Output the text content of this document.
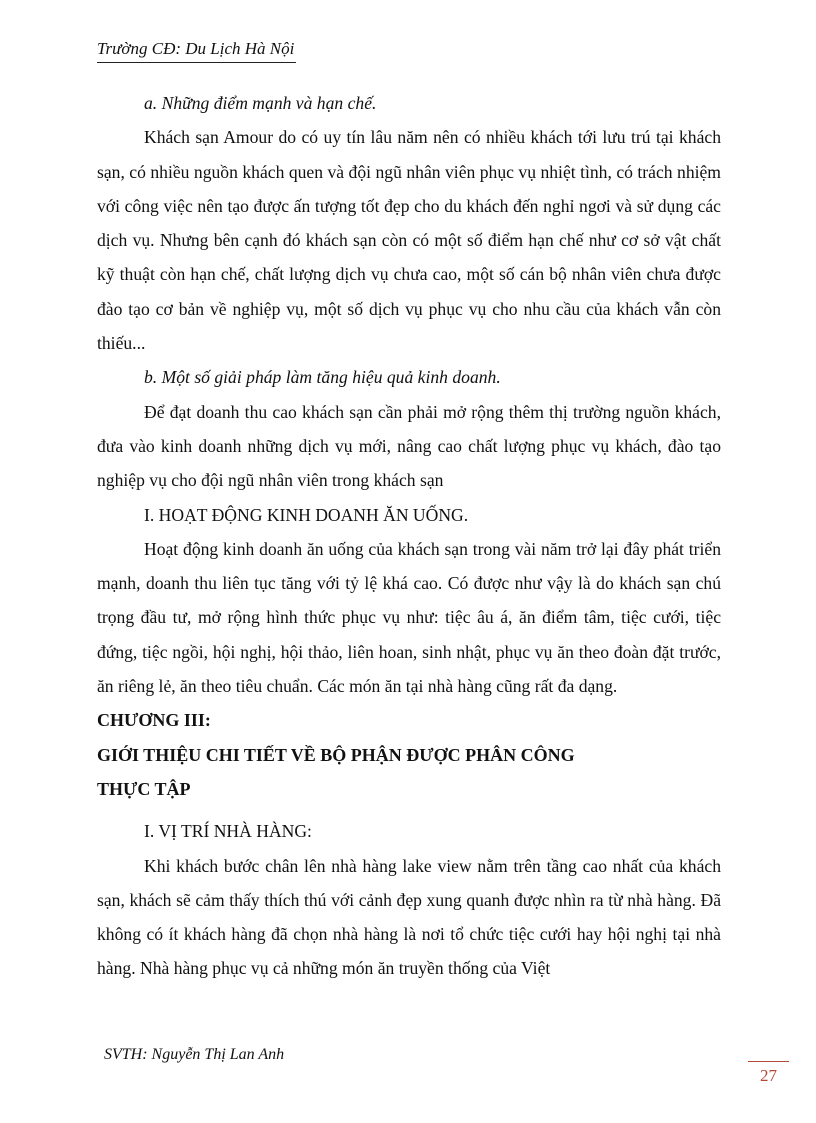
Trường CĐ: Du Lịch Hà Nội

a. Những điểm mạnh và hạn chế.

Khách sạn Amour do có uy tín lâu năm nên có nhiều khách tới lưu trú tại khách sạn, có nhiều nguồn khách quen và đội ngũ nhân viên phục vụ nhiệt tình, có trách nhiệm với công việc nên tạo được ấn tượng tốt đẹp cho du khách đến nghỉ ngơi và sử dụng các dịch vụ. Nhưng bên cạnh đó khách sạn còn có một số điểm hạn chế như cơ sở vật chất kỹ thuật còn hạn chế, chất lượng dịch vụ chưa cao, một số cán bộ nhân viên chưa được đào tạo cơ bản về nghiệp vụ, một số dịch vụ phục vụ cho nhu cầu của khách vẫn còn thiếu...

b. Một số giải pháp làm tăng hiệu quả kinh doanh.

Để đạt doanh thu cao khách sạn cần phải mở rộng thêm thị trường nguồn khách, đưa vào kinh doanh những dịch vụ mới, nâng cao chất lượng phục vụ khách, đào tạo nghiệp vụ cho đội ngũ nhân viên trong khách sạn

I. HOẠT ĐỘNG KINH DOANH ĂN UỐNG.

Hoạt động kinh doanh ăn uống của khách sạn trong vài năm trở lại đây phát triển mạnh, doanh thu liên tục tăng với tỷ lệ khá cao. Có được như vậy là do khách sạn chú trọng đầu tư, mở rộng hình thức phục vụ như: tiệc âu á, ăn điểm tâm, tiệc cưới, tiệc đứng, tiệc ngồi, hội nghị, hội thảo, liên hoan, sinh nhật, phục vụ ăn theo đoàn đặt trước, ăn riêng lẻ, ăn theo tiêu chuẩn. Các món ăn tại nhà hàng cũng rất đa dạng.

CHƯƠNG III:

GIỚI THIỆU CHI TIẾT VỀ BỘ PHẬN ĐƯỢC PHÂN CÔNG

THỰC TẬP

I. VỊ TRÍ NHÀ HÀNG:

Khi khách bước chân lên nhà hàng lake view nằm trên tầng cao nhất của khách sạn, khách sẽ cảm thấy thích thú với cảnh đẹp xung quanh được nhìn ra từ nhà hàng. Đã không có ít khách hàng đã chọn nhà hàng là nơi tổ chức tiệc cưới hay hội nghị tại nhà hàng. Nhà hàng phục vụ cả những món ăn truyền thống của Việt

SVTH: Nguyễn Thị Lan Anh
27
